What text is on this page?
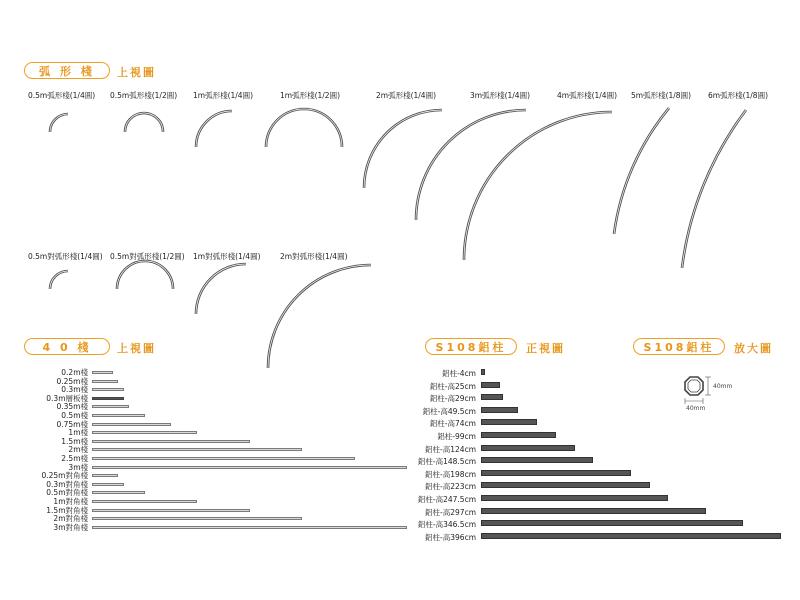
弧 形 棧	上視圖
4 0 棧	上視圖	S108鋁柱	正視圖	S108鋁柱	放大圖
0.5m弧形棧(1/4圓) 0.5m弧形棧(1/2圓) 1m弧形棧(1/4圓)	1m弧形棧(1/2圓)	2m弧形棧(1/4圓)	3m弧形棧(1/4圓)	4m弧形棧(1/4圓) 5m弧形棧(1/8圓) 6m弧形棧(1/8圓)
0.5m對弧形棧(1/4圓) 0.5m對弧形棧(1/2圓) 1m對弧形棧(1/4圓)	2m對弧形棧(1/4圓)
40mm
40mm
0.2m棧
0.25m棧
0.3m棧
0.3m層板棧
0.35m棧
0.5m棧
0.75m棧
1m棧
1.5m棧
2m棧
2.5m棧
3m棧
0.25m對角棧
0.3m對角棧
0.5m對角棧
1m對角棧
1.5m對角棧
2m對角棧
3m對角棧
鋁柱-4cm
鋁柱-高25cm
鋁柱-高29cm
鋁柱-高49.5cm
鋁柱-高74cm
鋁柱-99cm
鋁柱-高124cm
鋁柱-高148.5cm
鋁柱-高198cm
鋁柱-高223cm
鋁柱-高247.5cm
鋁柱-高297cm
鋁柱-高346.5cm
鋁柱-高396cm
